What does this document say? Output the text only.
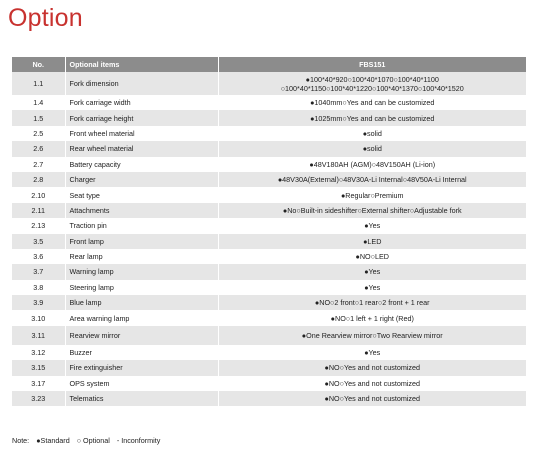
Option
No.	Optional items	FBS151
1.1	Fork dimension	●100*40*920○100*40*1070○100*40*1100
○100*40*1150○100*40*1220○100*40*1370○100*40*1520

1.4	Fork carriage width	●1040mm○Yes and can be customized

1.5	Fork carriage height	●1025mm○Yes and can be customized

2.5	Front wheel material	●solid

2.6	Rear wheel material	●solid

2.7	Battery capacity	●48V180AH (AGM)○48V150AH (Li-ion)

2.8	Charger	●48V30A(External)○48V30A-Li Internal○48V50A-Li Internal

2.10	Seat type	●Regular○Premium

2.11	Attachments	●No○Built-in sideshifter○External shifter○Adjustable fork

2.13	Traction pin	●Yes

3.5	Front lamp	●LED

3.6	Rear lamp	●NO○LED

3.7	Warning lamp	●Yes

3.8	Steering lamp	●Yes

3.9	Blue lamp	●NO○2 front○1 rear○2 front + 1 rear

3.10	Area warning lamp	●NO○1 left + 1 right (Red)

3.11	Rearview mirror	●One Rearview mirror○Two Rearview mirror

3.12	Buzzer	●Yes

3.15	Fire extinguisher	●NO○Yes and not customized

3.17	OPS system	●NO○Yes and not customized

3.23	Telematics	●NO○Yes and not customized
Note: ●Standard ○ Optional - Inconformity
